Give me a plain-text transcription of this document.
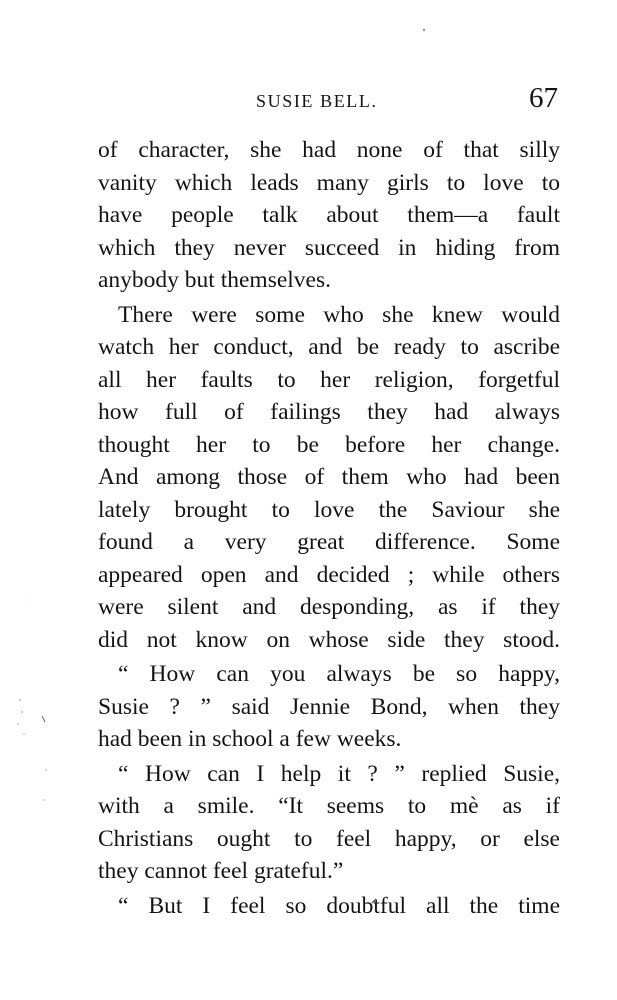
SUSIE BELL.	67
of character, she had none of that silly
vanity which leads many girls to love to
have people talk about them—a fault
which they never succeed in hiding from
anybody but themselves.
There were some who she knew would
watch her conduct, and be ready to ascribe
all her faults to her religion, forgetful
how full of failings they had always
thought her to be before her change.
And among those of them who had been
lately brought to love the Saviour she
found a very great difference. Some
appeared open and decided ; while others
were silent and desponding, as if they
did not know on whose side they stood.
“ How can you always be so happy,
Susie ? ” said Jennie Bond, when they
had been in school a few weeks.
“ How can I help it ? ” replied Susie,
with a smile. “It seems to mè as if
Christians ought to feel happy, or else
they cannot feel grateful.”
“ But I feel so doubtful all the time
